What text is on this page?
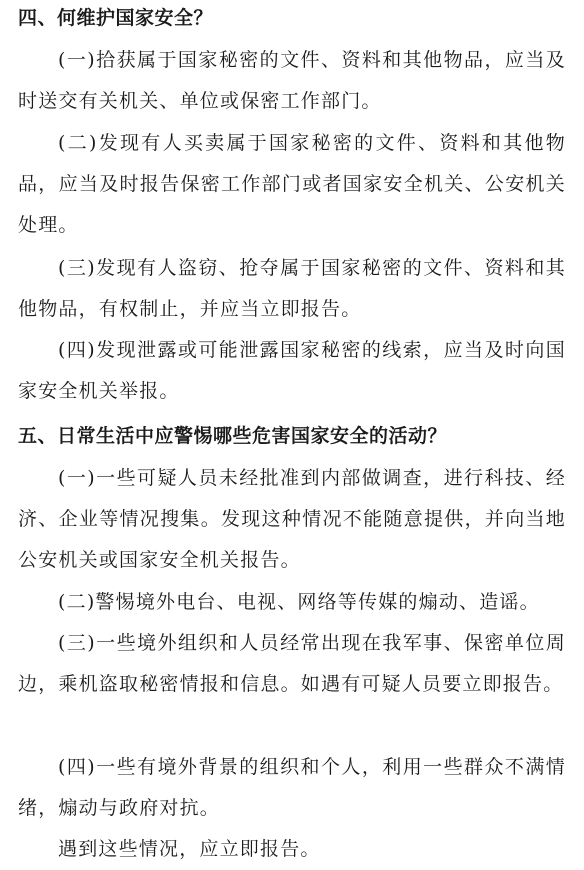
四、何维护国家安全？

(一)拾获属于国家秘密的文件、资料和其他物品，应当及时送交有关机关、单位或保密工作部门。

(二)发现有人买卖属于国家秘密的文件、资料和其他物品，应当及时报告保密工作部门或者国家安全机关、公安机关处理。

(三)发现有人盗窃、抢夺属于国家秘密的文件、资料和其他物品，有权制止，并应当立即报告。

(四)发现泄露或可能泄露国家秘密的线索，应当及时向国家安全机关举报。

五、日常生活中应警惕哪些危害国家安全的活动？

(一)一些可疑人员未经批准到内部做调查，进行科技、经济、企业等情况搜集。发现这种情况不能随意提供，并向当地公安机关或国家安全机关报告。

(二)警惕境外电台、电视、网络等传媒的煽动、造谣。

(三)一些境外组织和人员经常出现在我军事、保密单位周边，乘机盗取秘密情报和信息。如遇有可疑人员要立即报告。

(四)一些有境外背景的组织和个人，利用一些群众不满情绪，煽动与政府对抗。

遇到这些情况，应立即报告。
